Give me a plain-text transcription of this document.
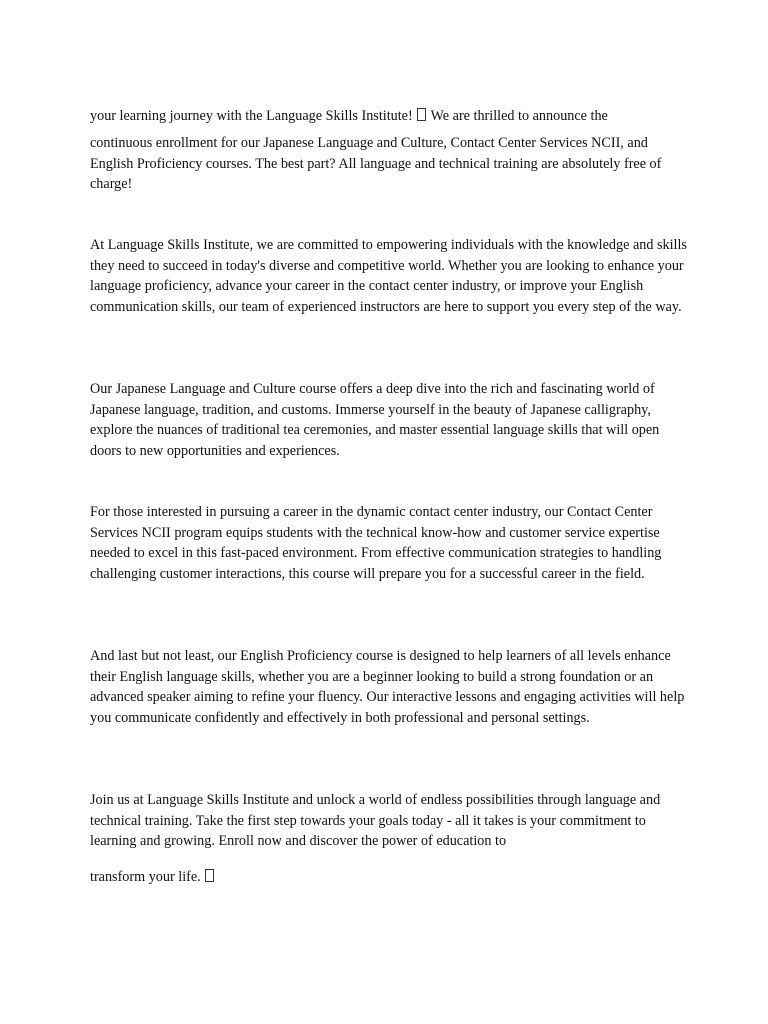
your learning journey with the Language Skills Institute! We are thrilled to announce the

continuous enrollment for our Japanese Language and Culture, Contact Center Services NCII, and English Proficiency courses. The best part? All language and technical training are absolutely free of charge!

At Language Skills Institute, we are committed to empowering individuals with the knowledge and skills they need to succeed in today's diverse and competitive world. Whether you are looking to enhance your language proficiency, advance your career in the contact center industry, or improve your English communication skills, our team of experienced instructors are here to support you every step of the way.

Our Japanese Language and Culture course offers a deep dive into the rich and fascinating world of Japanese language, tradition, and customs. Immerse yourself in the beauty of Japanese calligraphy, explore the nuances of traditional tea ceremonies, and master essential language skills that will open doors to new opportunities and experiences.

For those interested in pursuing a career in the dynamic contact center industry, our Contact Center Services NCII program equips students with the technical know-how and customer service expertise needed to excel in this fast-paced environment. From effective communication strategies to handling challenging customer interactions, this course will prepare you for a successful career in the field.

And last but not least, our English Proficiency course is designed to help learners of all levels enhance their English language skills, whether you are a beginner looking to build a strong foundation or an advanced speaker aiming to refine your fluency. Our interactive lessons and engaging activities will help you communicate confidently and effectively in both professional and personal settings.

Join us at Language Skills Institute and unlock a world of endless possibilities through language and technical training. Take the first step towards your goals today - all it takes is your commitment to learning and growing. Enroll now and discover the power of education to

transform your life.
